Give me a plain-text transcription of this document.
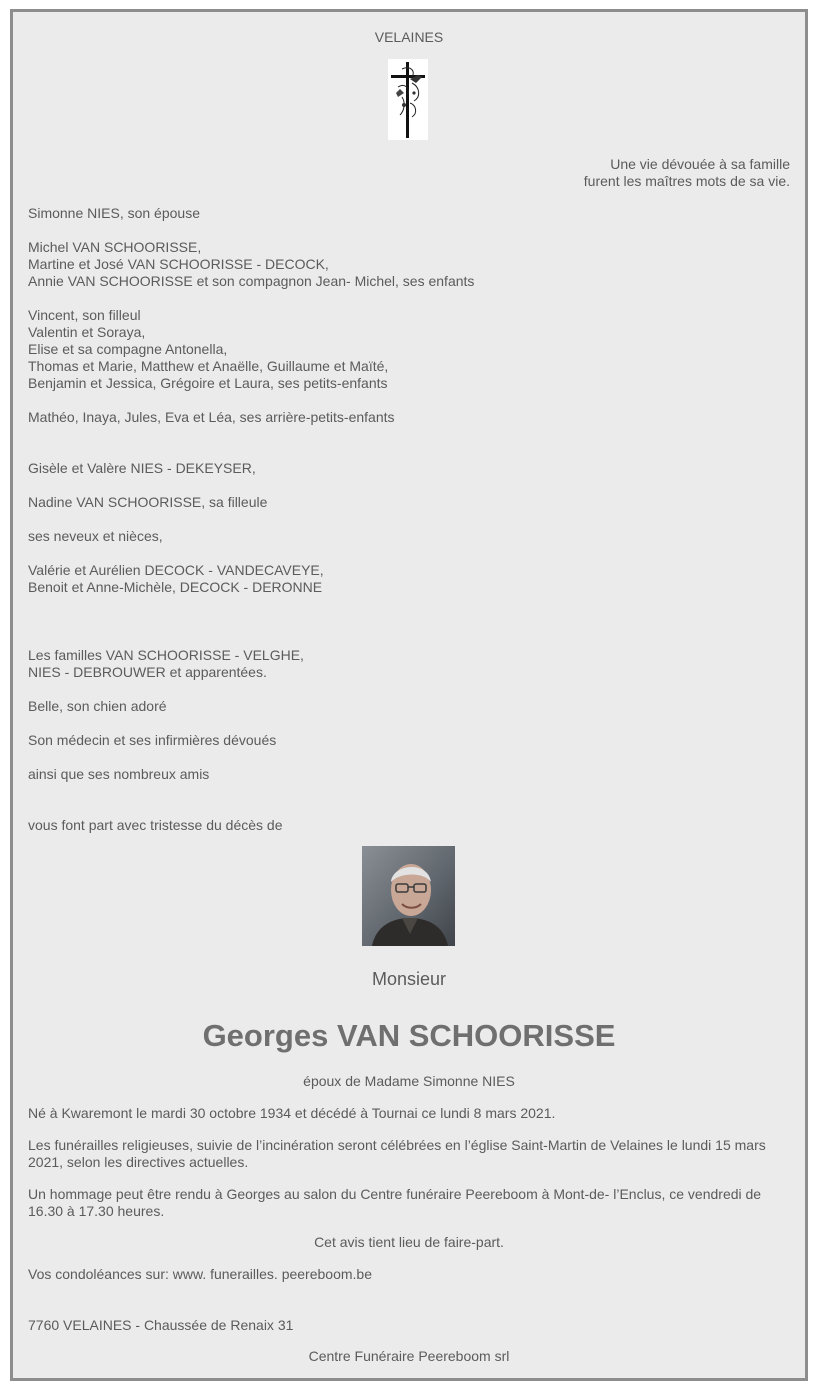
VELAINES

Une vie dévouée à sa famille
furent les maîtres mots de sa vie.

Simonne NIES, son épouse

Michel VAN SCHOORISSE,
Martine et José VAN SCHOORISSE - DECOCK,
Annie VAN SCHOORISSE et son compagnon Jean- Michel, ses enfants

Vincent, son filleul
Valentin et Soraya,
Elise et sa compagne Antonella,
Thomas et Marie, Matthew et Anaëlle, Guillaume et Maïté,
Benjamin et Jessica, Grégoire et Laura, ses petits-enfants

Mathéo, Inaya, Jules, Eva et Léa, ses arrière-petits-enfants

Gisèle et Valère NIES - DEKEYSER,

Nadine VAN SCHOORISSE, sa filleule

ses neveux et nièces,

Valérie et Aurélien DECOCK - VANDECAVEYE,
Benoit et Anne-Michèle, DECOCK - DERONNE

Les familles VAN SCHOORISSE - VELGHE,
NIES - DEBROUWER et apparentées.

Belle, son chien adoré

Son médecin et ses infirmières dévoués

ainsi que ses nombreux amis

vous font part avec tristesse du décès de

Monsieur

Georges VAN SCHOORISSE

époux de Madame Simonne NIES

Né à Kwaremont le mardi 30 octobre 1934 et décédé à Tournai ce lundi 8 mars 2021.

Les funérailles religieuses, suivie de l’incinération seront célébrées en l’église Saint-Martin de Velaines le lundi 15 mars 2021, selon les directives actuelles.

Un hommage peut être rendu à Georges au salon du Centre funéraire Peereboom à Mont-de- l’Enclus, ce vendredi de 16.30 à 17.30 heures.

Cet avis tient lieu de faire-part.

Vos condoléances sur: www. funerailles. peereboom.be

7760 VELAINES - Chaussée de Renaix 31

Centre Funéraire Peereboom srl
